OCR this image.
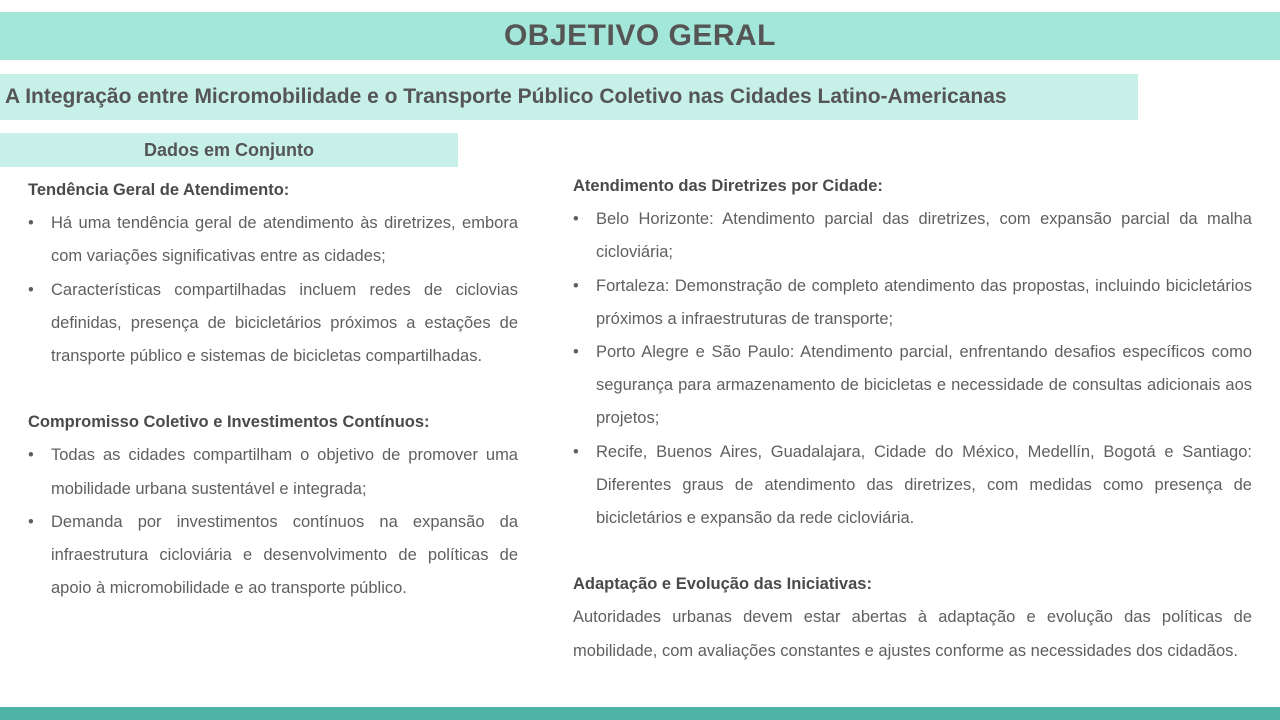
OBJETIVO GERAL
A Integração entre Micromobilidade e o Transporte Público Coletivo nas Cidades Latino-Americanas
Dados em Conjunto
Tendência Geral de Atendimento:
• Há uma tendência geral de atendimento às diretrizes, embora com variações significativas entre as cidades;
• Características compartilhadas incluem redes de ciclovias definidas, presença de bicicletários próximos a estações de transporte público e sistemas de bicicletas compartilhadas.
Compromisso Coletivo e Investimentos Contínuos:
• Todas as cidades compartilham o objetivo de promover uma mobilidade urbana sustentável e integrada;
• Demanda por investimentos contínuos na expansão da infraestrutura cicloviária e desenvolvimento de políticas de apoio à micromobilidade e ao transporte público.
Atendimento das Diretrizes por Cidade:
• Belo Horizonte: Atendimento parcial das diretrizes, com expansão parcial da malha cicloviária;
• Fortaleza: Demonstração de completo atendimento das propostas, incluindo bicicletários próximos a infraestruturas de transporte;
• Porto Alegre e São Paulo: Atendimento parcial, enfrentando desafios específicos como segurança para armazenamento de bicicletas e necessidade de consultas adicionais aos projetos;
• Recife, Buenos Aires, Guadalajara, Cidade do México, Medellín, Bogotá e Santiago: Diferentes graus de atendimento das diretrizes, com medidas como presença de bicicletários e expansão da rede cicloviária.
Adaptação e Evolução das Iniciativas:
Autoridades urbanas devem estar abertas à adaptação e evolução das políticas de mobilidade, com avaliações constantes e ajustes conforme as necessidades dos cidadãos.
